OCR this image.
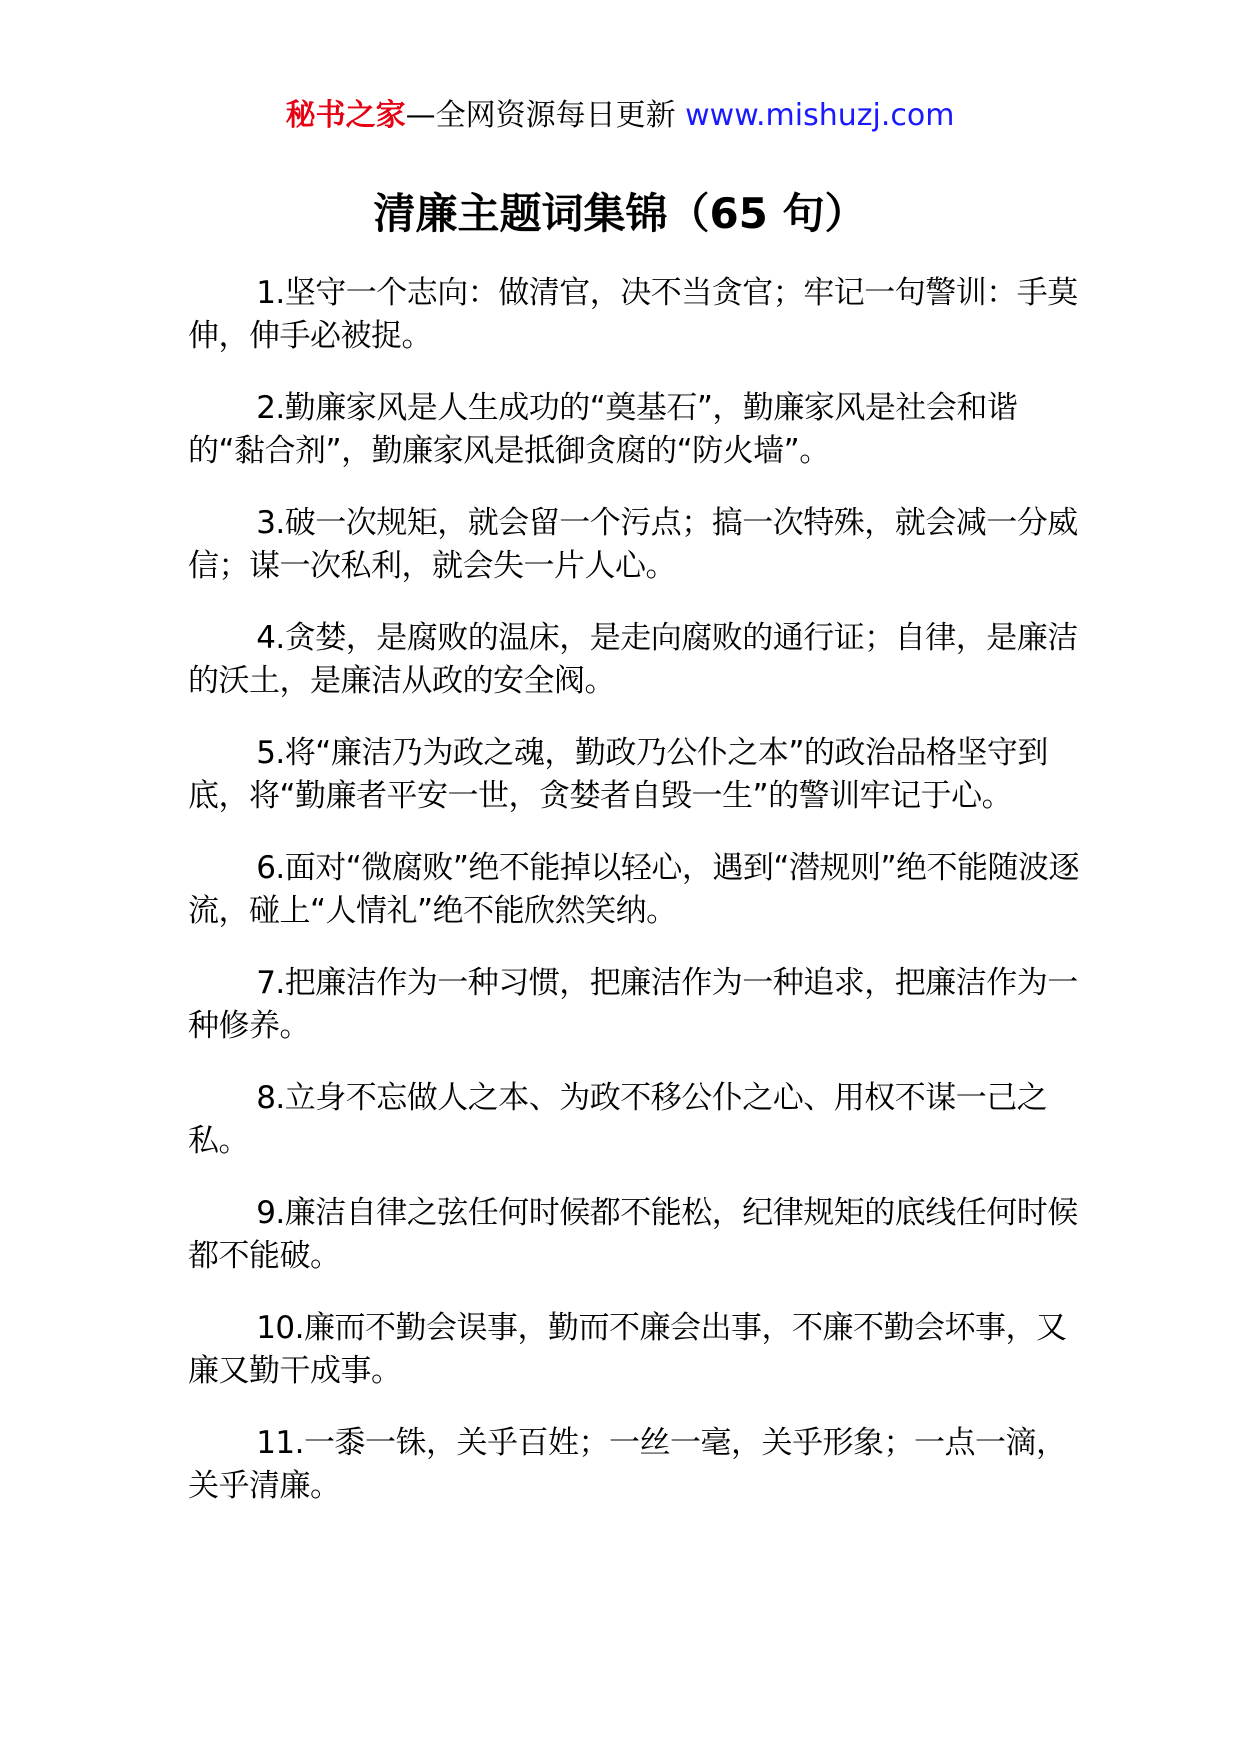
秘书之家—全网资源每日更新 www.mishuzj.com
清廉主题词集锦（65 句）

1.坚守一个志向：做清官，决不当贪官；牢记一句警训：手莫伸，伸手必被捉。

2.勤廉家风是人生成功的“奠基石”，勤廉家风是社会和谐的“黏合剂”，勤廉家风是抵御贪腐的“防火墙”。

3.破一次规矩，就会留一个污点；搞一次特殊，就会减一分威信；谋一次私利，就会失一片人心。

4.贪婪，是腐败的温床，是走向腐败的通行证；自律，是廉洁的沃土，是廉洁从政的安全阀。

5.将“廉洁乃为政之魂，勤政乃公仆之本”的政治品格坚守到底，将“勤廉者平安一世，贪婪者自毁一生”的警训牢记于心。

6.面对“微腐败”绝不能掉以轻心，遇到“潜规则”绝不能随波逐流，碰上“人情礼”绝不能欣然笑纳。

7.把廉洁作为一种习惯，把廉洁作为一种追求，把廉洁作为一种修养。

8.立身不忘做人之本、为政不移公仆之心、用权不谋一己之私。

9.廉洁自律之弦任何时候都不能松，纪律规矩的底线任何时候都不能破。

10.廉而不勤会误事，勤而不廉会出事，不廉不勤会坏事，又廉又勤干成事。

11.一黍一铢，关乎百姓；一丝一毫，关乎形象；一点一滴，关乎清廉。
